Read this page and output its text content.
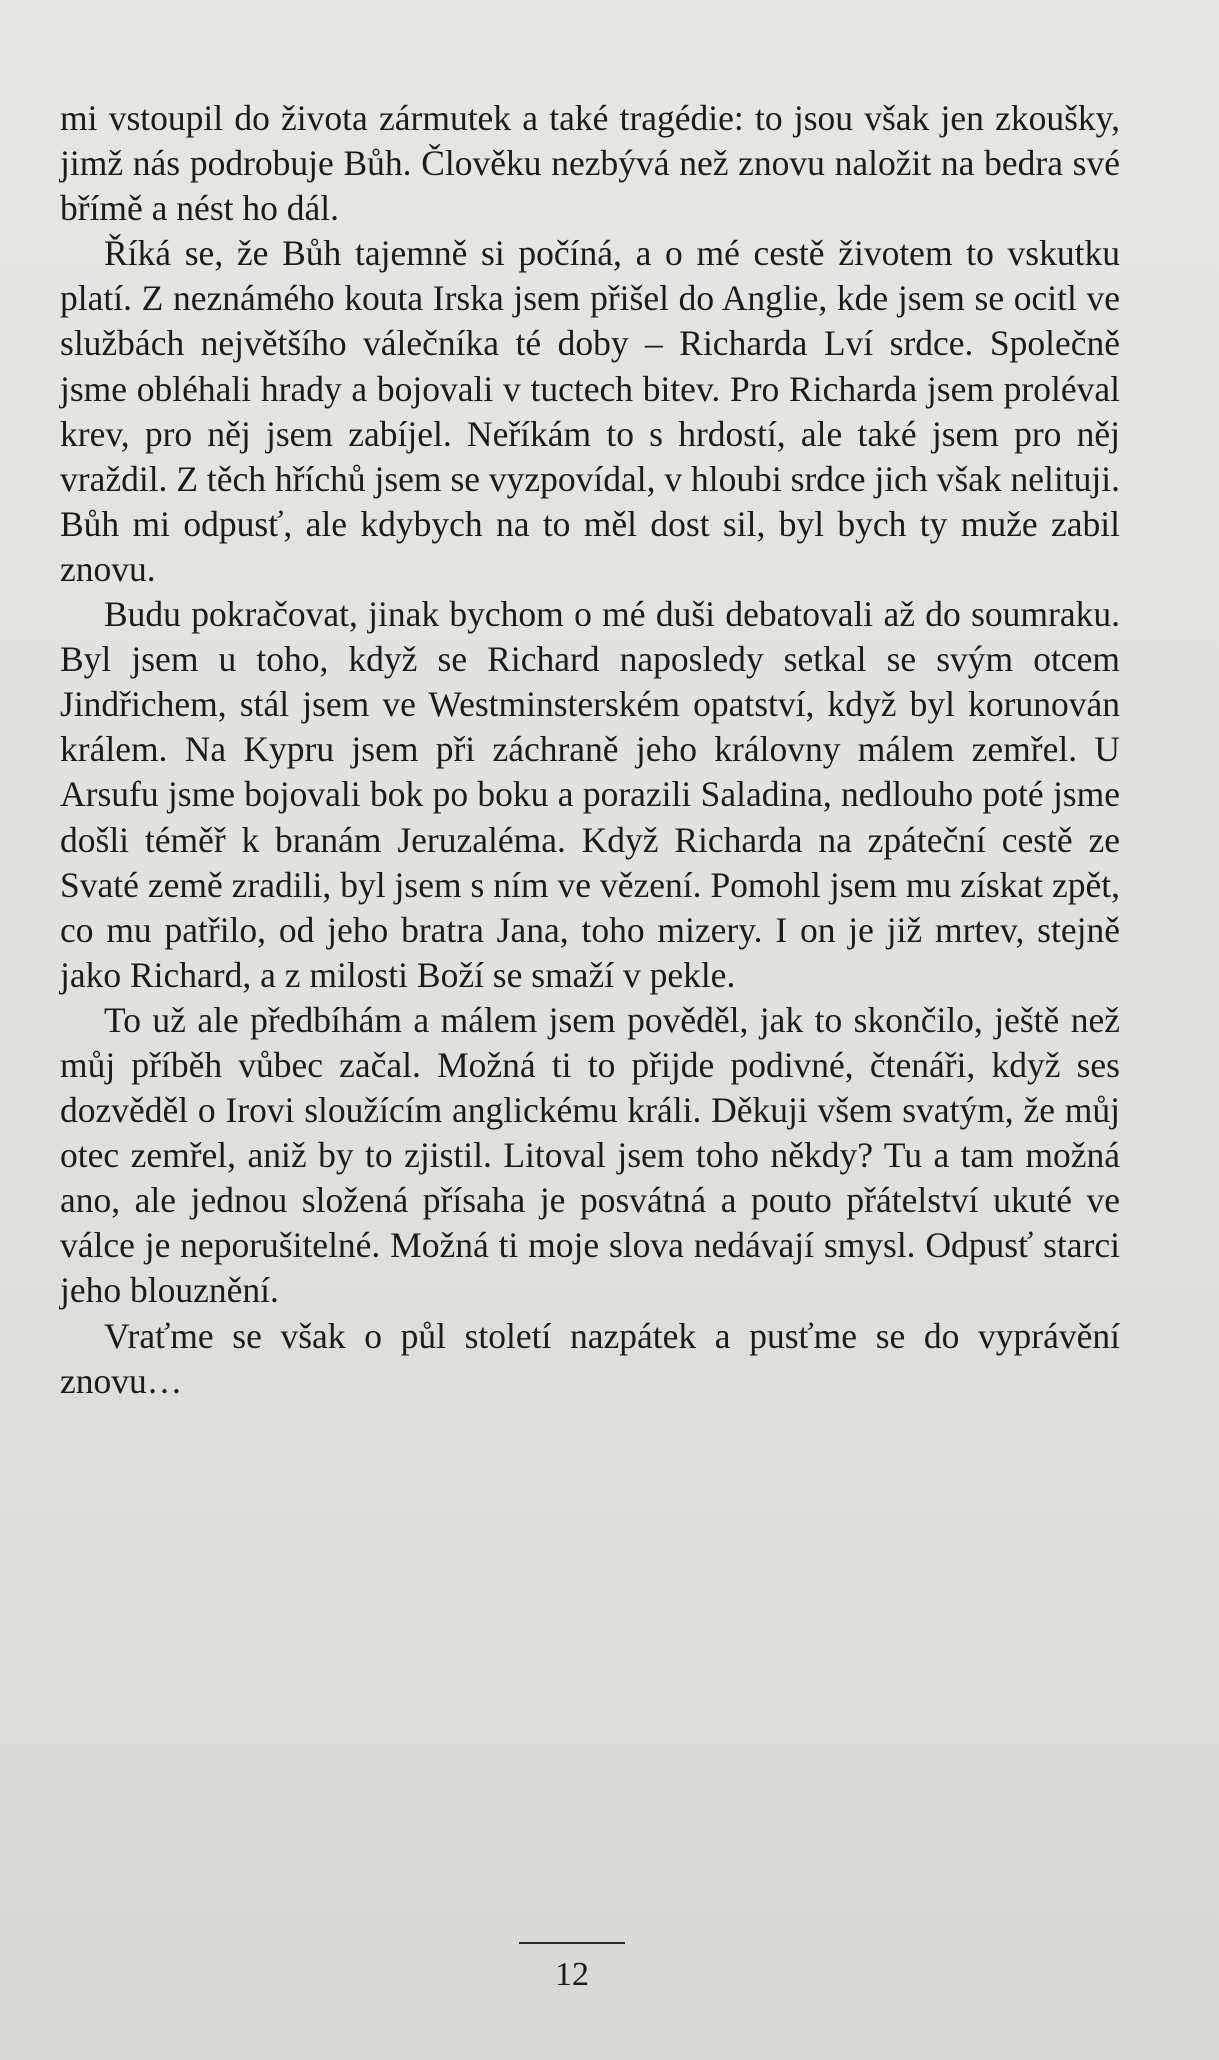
mi vstoupil do života zármutek a také tragédie: to jsou však jen zkoušky, jimž nás podrobuje Bůh. Člověku nezbývá než znovu naložit na bedra své břímě a nést ho dál.

Říká se, že Bůh tajemně si počíná, a o mé cestě životem to vskutku platí. Z neznámého kouta Irska jsem přišel do Anglie, kde jsem se ocitl ve službách největšího válečníka té doby – Richarda Lví srdce. Společně jsme obléhali hrady a bojovali v tuctech bitev. Pro Richarda jsem proléval krev, pro něj jsem zabíjel. Neříkám to s hrdostí, ale také jsem pro něj vraždil. Z těch hříchů jsem se vyzpovídal, v hloubi srdce jich však nelituji. Bůh mi odpusť, ale kdybych na to měl dost sil, byl bych ty muže zabil znovu.

Budu pokračovat, jinak bychom o mé duši debatovali až do soumraku. Byl jsem u toho, když se Richard naposledy setkal se svým otcem Jindřichem, stál jsem ve Westminsterském opatství, když byl korunován králem. Na Kypru jsem při záchraně jeho královny málem zemřel. U Arsufu jsme bojovali bok po boku a porazili Saladina, nedlouho poté jsme došli téměř k branám Jeruzaléma. Když Richarda na zpáteční cestě ze Svaté země zradili, byl jsem s ním ve vězení. Pomohl jsem mu získat zpět, co mu patřilo, od jeho bratra Jana, toho mizery. I on je již mrtev, stejně jako Richard, a z milosti Boží se smaží v pekle.

To už ale předbíhám a málem jsem pověděl, jak to skončilo, ještě než můj příběh vůbec začal. Možná ti to přijde podivné, čtenáři, když ses dozvěděl o Irovi sloužícím anglickému králi. Děkuji všem svatým, že můj otec zemřel, aniž by to zjistil. Litoval jsem toho někdy? Tu a tam možná ano, ale jednou složená přísaha je posvátná a pouto přátelství ukuté ve válce je neporušitelné. Možná ti moje slova nedávají smysl. Odpusť starci jeho blouznění.

Vraťme se však o půl století nazpátek a pusťme se do vyprávění znovu…

12
